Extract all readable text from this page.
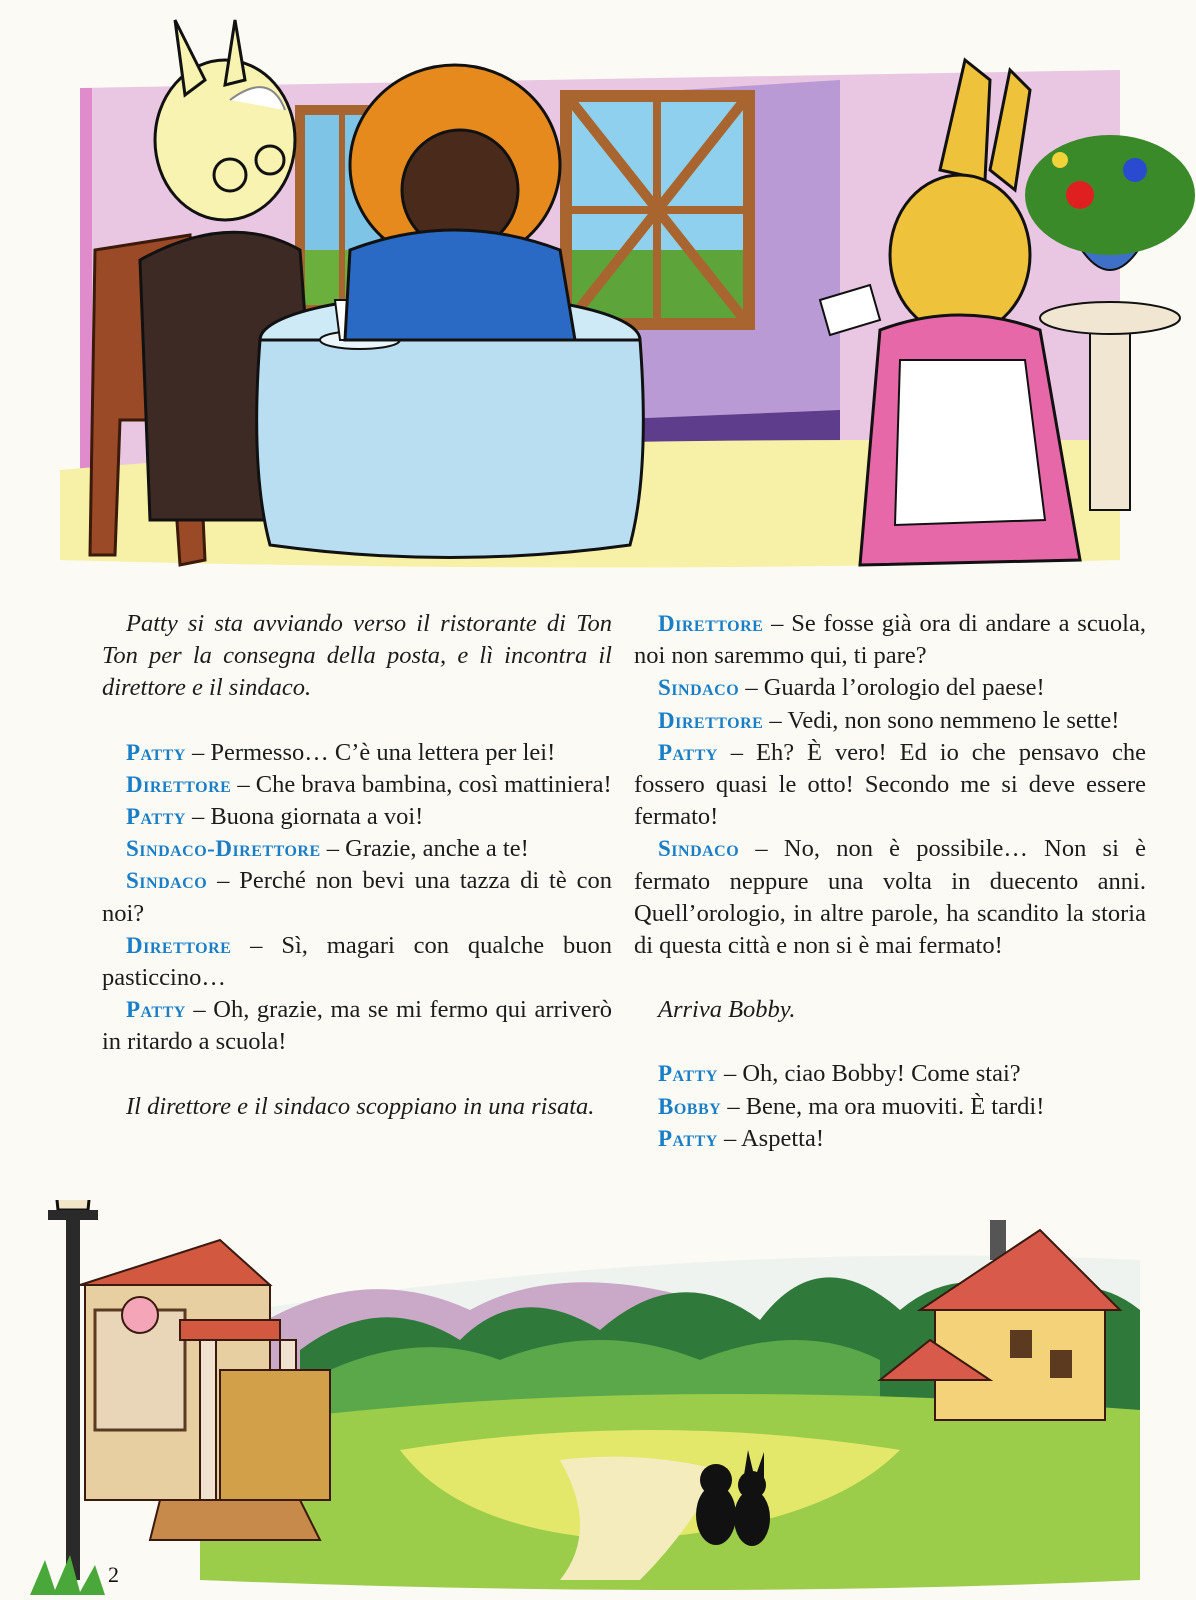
Patty si sta avviando verso il ristorante di Ton Ton per la consegna della posta, e lì incontra il direttore e il sindaco.

Patty – Permesso… C’è una lettera per lei!

Direttore – Che brava bambina, così mattiniera!

Patty – Buona giornata a voi!

Sindaco-Direttore – Grazie, anche a te!

Sindaco – Perché non bevi una tazza di tè con noi?

Direttore – Sì, magari con qualche buon pasticcino…

Patty – Oh, grazie, ma se mi fermo qui arriverò in ritardo a scuola!

Il direttore e il sindaco scoppiano in una risata.

Direttore – Se fosse già ora di andare a scuola, noi non saremmo qui, ti pare?

Sindaco – Guarda l’orologio del paese!

Direttore – Vedi, non sono nemmeno le sette!

Patty – Eh? È vero! Ed io che pensavo che fossero quasi le otto! Secondo me si deve essere fermato!

Sindaco – No, non è possibile… Non si è fermato neppure una volta in duecento anni. Quell’orologio, in altre parole, ha scandito la storia di questa città e non si è mai fermato!

Arriva Bobby.

Patty – Oh, ciao Bobby! Come stai?

Bobby – Bene, ma ora muoviti. È tardi!

Patty – Aspetta!

2
